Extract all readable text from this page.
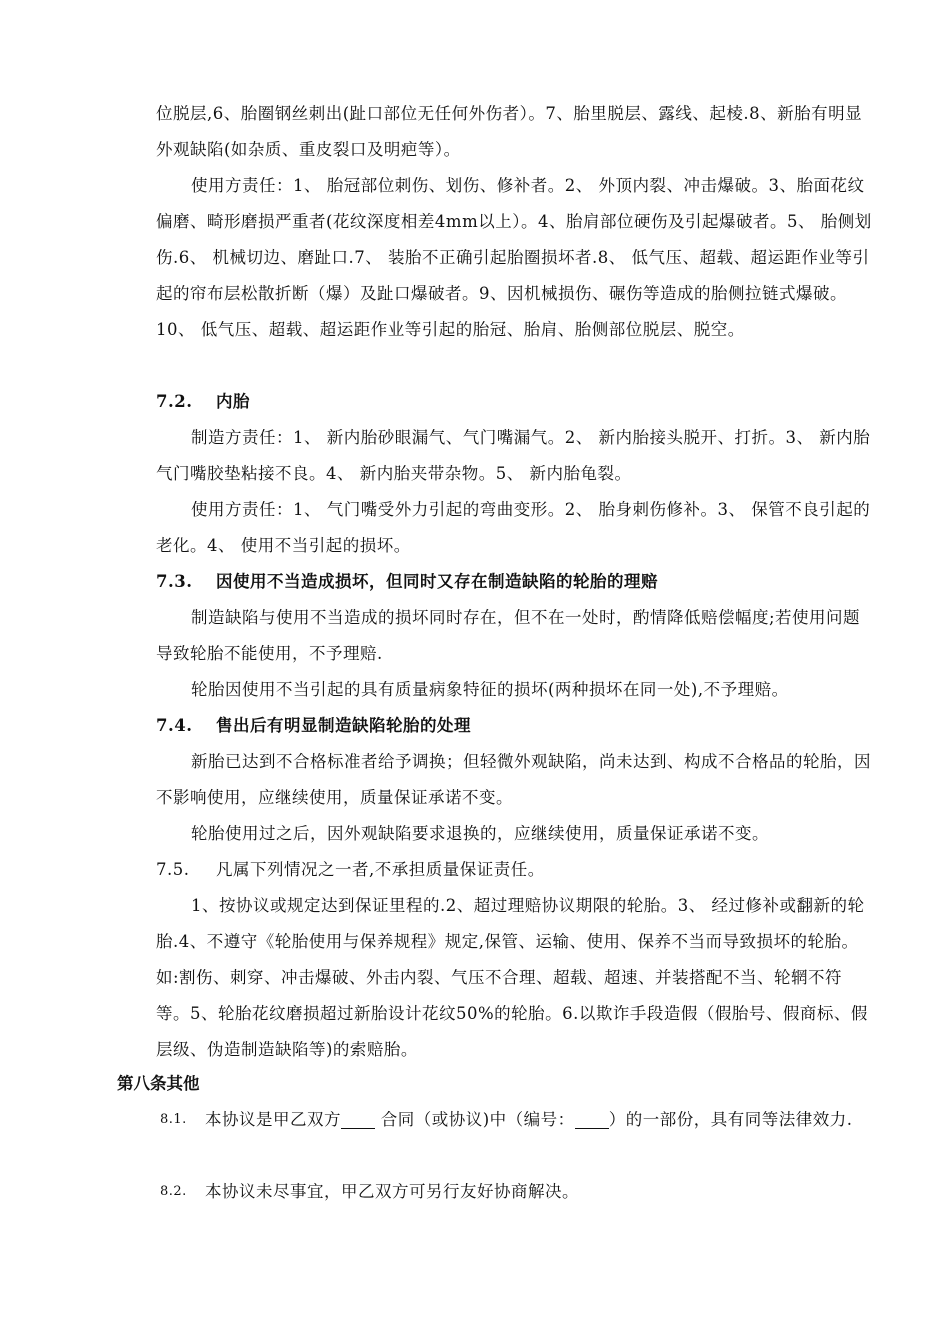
位脱层,6、胎圈钢丝刺出(趾口部位无任何外伤者）。7、胎里脱层、露线、起棱.8、新胎有明显外观缺陷(如杂质、重皮裂口及明疤等）。

使用方责任：1、 胎冠部位刺伤、划伤、修补者。2、 外顶内裂、冲击爆破。3、胎面花纹偏磨、畸形磨损严重者(花纹深度相差4mm以上）。4、胎肩部位硬伤及引起爆破者。5、 胎侧划伤.6、 机械切边、磨趾口.7、 装胎不正确引起胎圈损坏者.8、 低气压、超载、超运距作业等引起的帘布层松散折断（爆）及趾口爆破者。9、因机械损伤、碾伤等造成的胎侧拉链式爆破。10、 低气压、超载、超运距作业等引起的胎冠、胎肩、胎侧部位脱层、脱空。

7.2. 内胎

制造方责任：1、 新内胎砂眼漏气、气门嘴漏气。2、 新内胎接头脱开、打折。3、 新内胎气门嘴胶垫粘接不良。4、 新内胎夹带杂物。5、 新内胎龟裂。

使用方责任：1、 气门嘴受外力引起的弯曲变形。2、 胎身刺伤修补。3、 保管不良引起的老化。4、 使用不当引起的损坏。

7.3. 因使用不当造成损坏，但同时又存在制造缺陷的轮胎的理赔

制造缺陷与使用不当造成的损坏同时存在，但不在一处时，酌情降低赔偿幅度;若使用问题导致轮胎不能使用，不予理赔.

轮胎因使用不当引起的具有质量病象特征的损坏(两种损坏在同一处),不予理赔。

7.4. 售出后有明显制造缺陷轮胎的处理

新胎已达到不合格标准者给予调换；但轻微外观缺陷，尚未达到、构成不合格品的轮胎，因不影响使用，应继续使用，质量保证承诺不变。

轮胎使用过之后，因外观缺陷要求退换的，应继续使用，质量保证承诺不变。

7.5. 凡属下列情况之一者,不承担质量保证责任。

1、按协议或规定达到保证里程的.2、超过理赔协议期限的轮胎。3、 经过修补或翻新的轮胎.4、不遵守《轮胎使用与保养规程》规定,保管、运输、使用、保养不当而导致损坏的轮胎。如:割伤、刺穿、冲击爆破、外击内裂、气压不合理、超载、超速、并装搭配不当、轮辋不符等。5、轮胎花纹磨损超过新胎设计花纹50%的轮胎。6.以欺诈手段造假（假胎号、假商标、假层级、伪造制造缺陷等)的索赔胎。

第八条其他

8.1. 本协议是甲乙双方 合同（或协议)中（编号： ）的一部份，具有同等法律效力.
8.2. 本协议未尽事宜，甲乙双方可另行友好协商解决。
